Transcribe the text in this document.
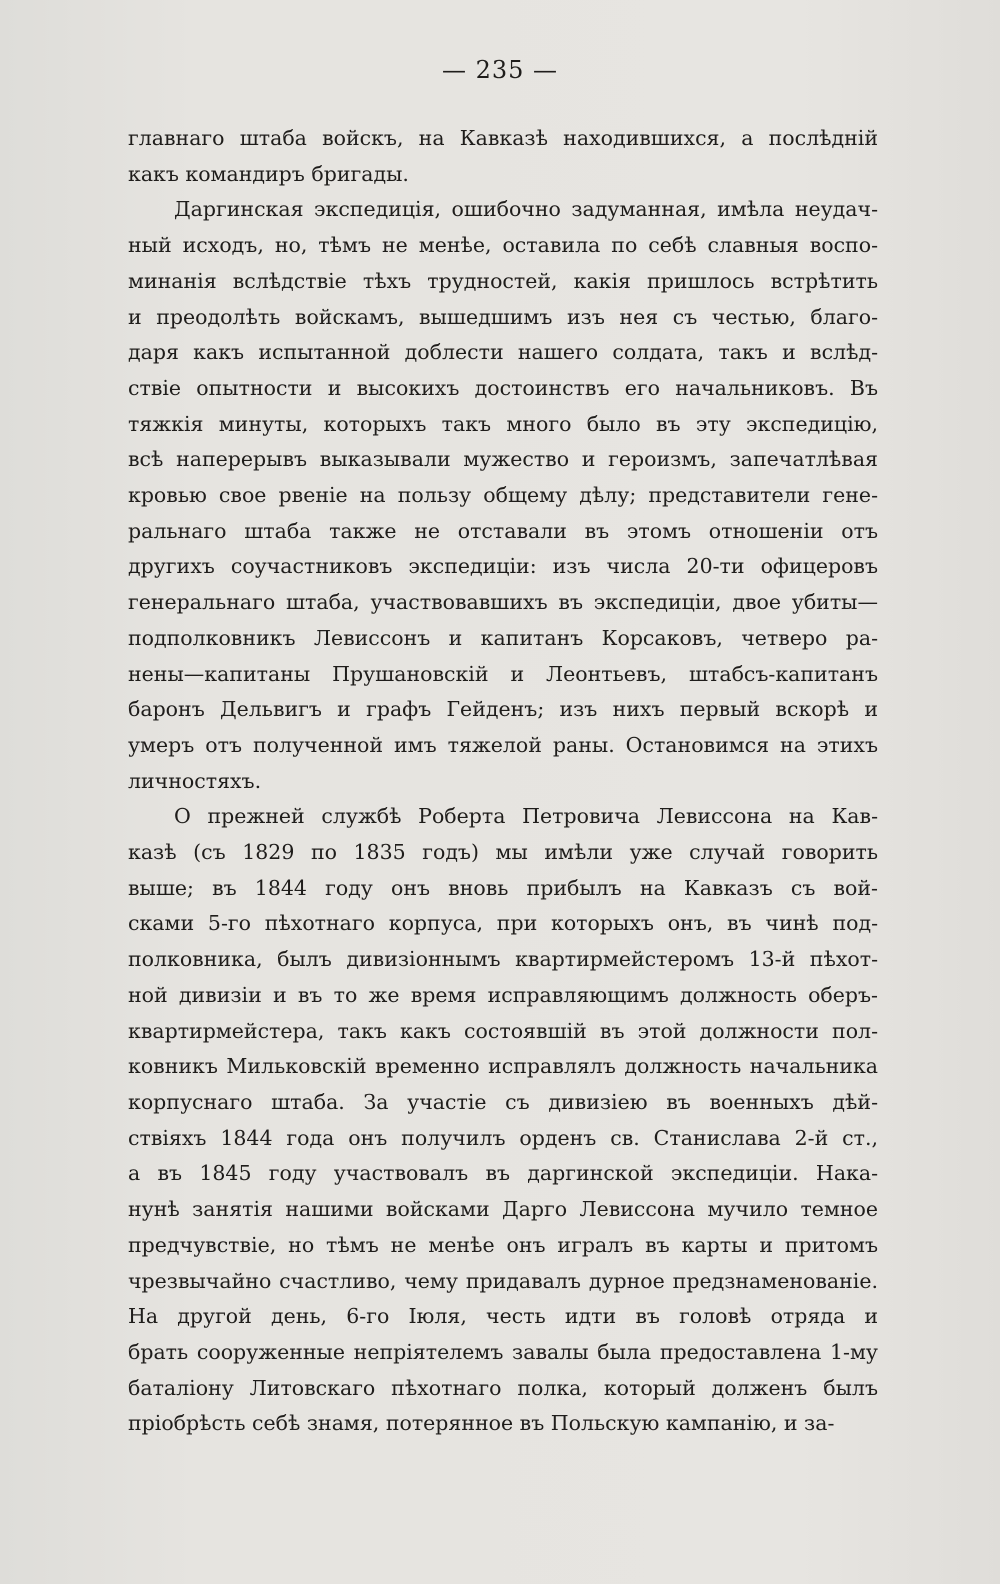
— 235 —
главнаго штаба войскъ, на Кавказѣ находившихся, а послѣднiй
какъ командиръ бригады.
Даргинская экспедицiя, ошибочно задуманная, имѣла неудач-
ный исходъ, но, тѣмъ не менѣе, оставила по себѣ славныя воспо-
минанiя вслѣдствiе тѣхъ трудностей, какiя пришлось встрѣтить
и преодолѣть войскамъ, вышедшимъ изъ нея съ честью, благо-
даря какъ испытанной доблести нашего солдата, такъ и вслѣд-
ствiе опытности и высокихъ достоинствъ его начальниковъ. Въ
тяжкiя минуты, которыхъ такъ много было въ эту экспедицiю,
всѣ наперерывъ выказывали мужество и героизмъ, запечатлѣвая
кровью свое рвенiе на пользу общему дѣлу; представители гене-
ральнаго штаба также не отставали въ этомъ отношенiи отъ
другихъ соучастниковъ экспедицiи: изъ числа 20-ти офицеровъ
генеральнаго штаба, участвовавшихъ въ экспедицiи, двое убиты—
подполковникъ Левиссонъ и капитанъ Корсаковъ, четверо ра-
нены—капитаны Прушановскiй и Леонтьевъ, штабсъ-капитанъ
баронъ Дельвигъ и графъ Гейденъ; изъ нихъ первый вскорѣ и
умеръ отъ полученной имъ тяжелой раны. Остановимся на этихъ
личностяхъ.
О прежней службѣ Роберта Петровича Левиссона на Кав-
казѣ (съ 1829 по 1835 годъ) мы имѣли уже случай говорить
выше; въ 1844 году онъ вновь прибылъ на Кавказъ съ вой-
сками 5-го пѣхотнаго корпуса, при которыхъ онъ, въ чинѣ под-
полковника, былъ дивизiоннымъ квартирмейстеромъ 13-й пѣхот-
ной дивизiи и въ то же время исправляющимъ должность оберъ-
квартирмейстера, такъ какъ состоявшiй въ этой должности пол-
ковникъ Мильковскiй временно исправлялъ должность начальника
корпуснаго штаба. За участiе съ дивизiею въ военныхъ дѣй-
ствiяхъ 1844 года онъ получилъ орденъ св. Станислава 2-й ст.,
а въ 1845 году участвовалъ въ даргинской экспедицiи. Нака-
нунѣ занятiя нашими войсками Дарго Левиссона мучило темное
предчувствiе, но тѣмъ не менѣе онъ игралъ въ карты и притомъ
чрезвычайно счастливо, чему придавалъ дурное предзнаменованiе.
На другой день, 6-го Iюля, честь идти въ головѣ отряда и
брать сооруженные непрiятелемъ завалы была предоставлена 1-му
баталiону Литовскаго пѣхотнаго полка, который долженъ былъ
прiобрѣсть себѣ знамя, потерянное въ Польскую кампанiю, и за-
